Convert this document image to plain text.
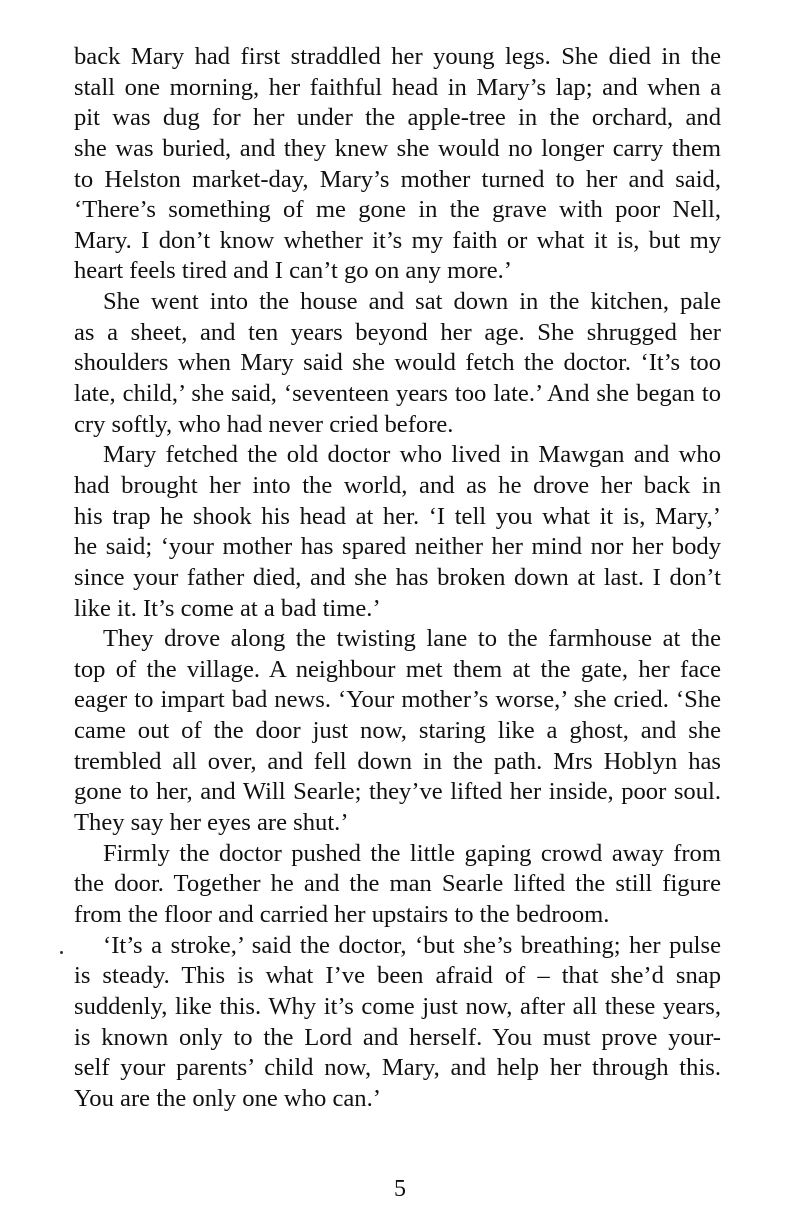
back Mary had first straddled her young legs. She died in the
stall one morning, her faithful head in Mary’s lap; and when a
pit was dug for her under the apple-tree in the orchard, and
she was buried, and they knew she would no longer carry them
to Helston market-day, Mary’s mother turned to her and said,
‘There’s something of me gone in the grave with poor Nell,
Mary. I don’t know whether it’s my faith or what it is, but my
heart feels tired and I can’t go on any more.’
She went into the house and sat down in the kitchen, pale
as a sheet, and ten years beyond her age. She shrugged her
shoulders when Mary said she would fetch the doctor. ‘It’s too
late, child,’ she said, ‘seventeen years too late.’ And she began to
cry softly, who had never cried before.
Mary fetched the old doctor who lived in Mawgan and who
had brought her into the world, and as he drove her back in
his trap he shook his head at her. ‘I tell you what it is, Mary,’
he said; ‘your mother has spared neither her mind nor her body
since your father died, and she has broken down at last. I don’t
like it. It’s come at a bad time.’
They drove along the twisting lane to the farmhouse at the
top of the village. A neighbour met them at the gate, her face
eager to impart bad news. ‘Your mother’s worse,’ she cried. ‘She
came out of the door just now, staring like a ghost, and she
trembled all over, and fell down in the path. Mrs Hoblyn has
gone to her, and Will Searle; they’ve lifted her inside, poor soul.
They say her eyes are shut.’
Firmly the doctor pushed the little gaping crowd away from
the door. Together he and the man Searle lifted the still figure
from the floor and carried her upstairs to the bedroom.
‘It’s a stroke,’ said the doctor, ‘but she’s breathing; her pulse
is steady. This is what I’ve been afraid of – that she’d snap
suddenly, like this. Why it’s come just now, after all these years,
is known only to the Lord and herself. You must prove your-
self your parents’ child now, Mary, and help her through this.
You are the only one who can.’
5
